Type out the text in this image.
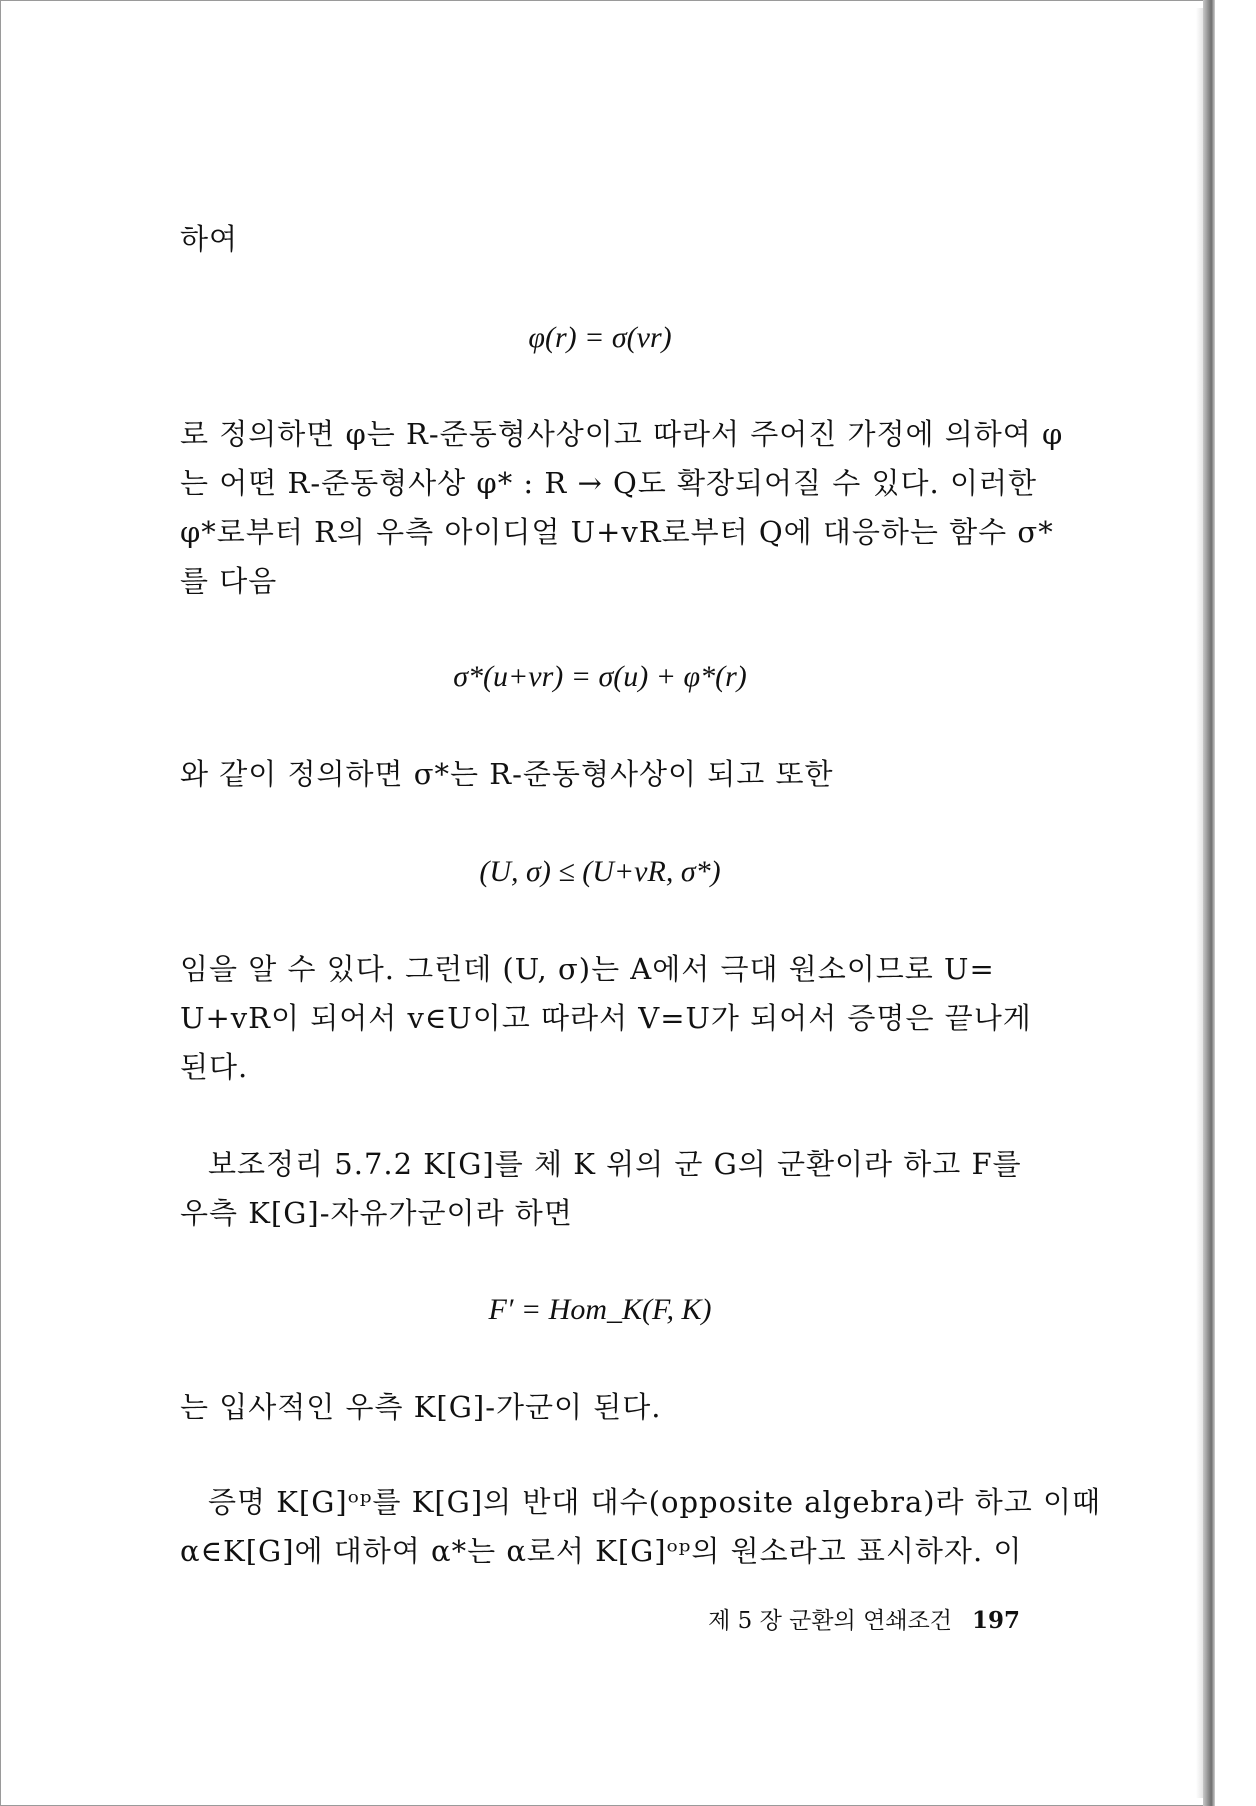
하여

φ(r) = σ(vr)

로 정의하면 φ는 R-준동형사상이고 따라서 주어진 가정에 의하여 φ

는 어떤 R-준동형사상 φ* : R → Q도 확장되어질 수 있다. 이러한

φ*로부터 R의 우측 아이디얼 U+vR로부터 Q에 대응하는 함수 σ*

를 다음

σ*(u+vr) = σ(u) + φ*(r)

와 같이 정의하면 σ*는 R-준동형사상이 되고 또한

(U, σ) ≤ (U+vR, σ*)

임을 알 수 있다. 그런데 (U, σ)는 A에서 극대 원소이므로 U=

U+vR이 되어서 v∈U이고 따라서 V=U가 되어서 증명은 끝나게

된다.

보조정리 5.7.2 K[G]를 체 K 위의 군 G의 군환이라 하고 F를

우측 K[G]-자유가군이라 하면

F′ = Hom_K(F, K)

는 입사적인 우측 K[G]-가군이 된다.

증명 K[G]ᵒᵖ를 K[G]의 반대 대수(opposite algebra)라 하고 이때

α∈K[G]에 대하여 α*는 α로서 K[G]ᵒᵖ의 원소라고 표시하자. 이

제 5 장 군환의 연쇄조건 197
